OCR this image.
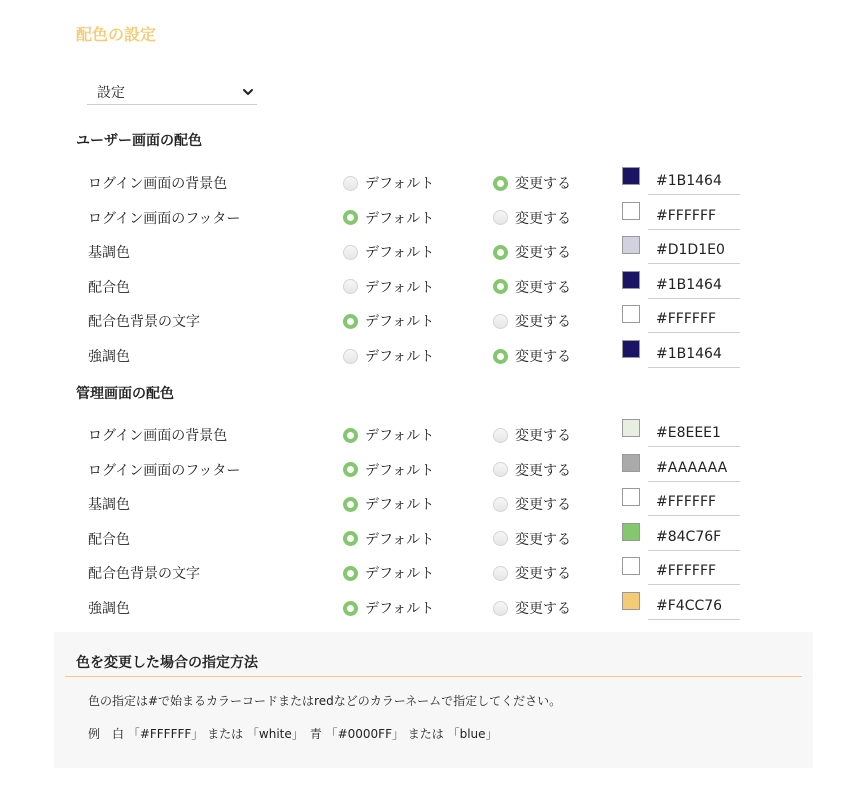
配色の設定
設定
ユーザー画面の配色
ログイン画面の背景色	デフォルト	変更する	#1B1464
ログイン画面のフッター	デフォルト	変更する	#FFFFFF
基調色	デフォルト	変更する	#D1D1E0
配合色	デフォルト	変更する	#1B1464
配合色背景の文字	デフォルト	変更する	#FFFFFF
強調色	デフォルト	変更する	#1B1464
管理画面の配色
ログイン画面の背景色	デフォルト	変更する	#E8EEE1
ログイン画面のフッター	デフォルト	変更する	#AAAAAA
基調色	デフォルト	変更する	#FFFFFF
配合色	デフォルト	変更する	#84C76F
配合色背景の文字	デフォルト	変更する	#FFFFFF
強調色	デフォルト	変更する	#F4CC76
色を変更した場合の指定方法
色の指定は#で始まるカラーコードまたはredなどのカラーネームで指定してください。
例　白 「#FFFFFF」 または 「white」　青 「#0000FF」 または 「blue」
